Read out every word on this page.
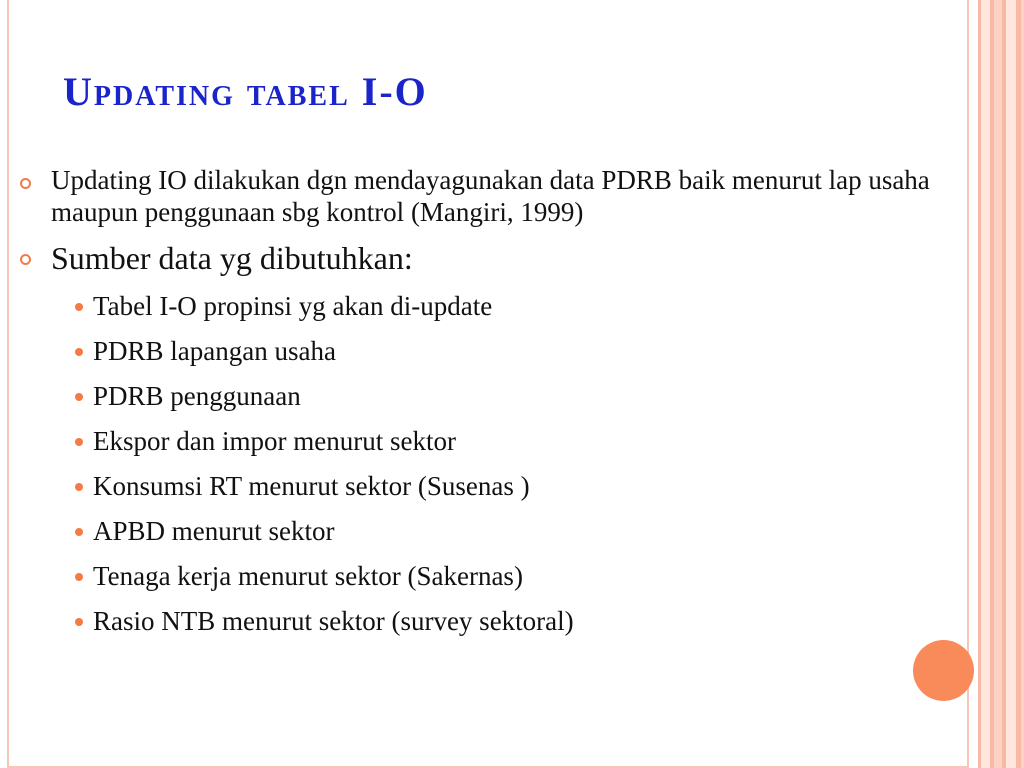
Updating tabel I-O
Updating IO dilakukan dgn mendayagunakan data PDRB baik menurut lap usaha maupun penggunaan sbg kontrol (Mangiri, 1999)
Sumber data yg dibutuhkan:
Tabel I-O propinsi yg akan di-update
PDRB lapangan usaha
PDRB penggunaan
Ekspor dan impor menurut sektor
Konsumsi RT menurut sektor (Susenas )
APBD menurut sektor
Tenaga kerja menurut sektor (Sakernas)
Rasio NTB menurut sektor (survey sektoral)
